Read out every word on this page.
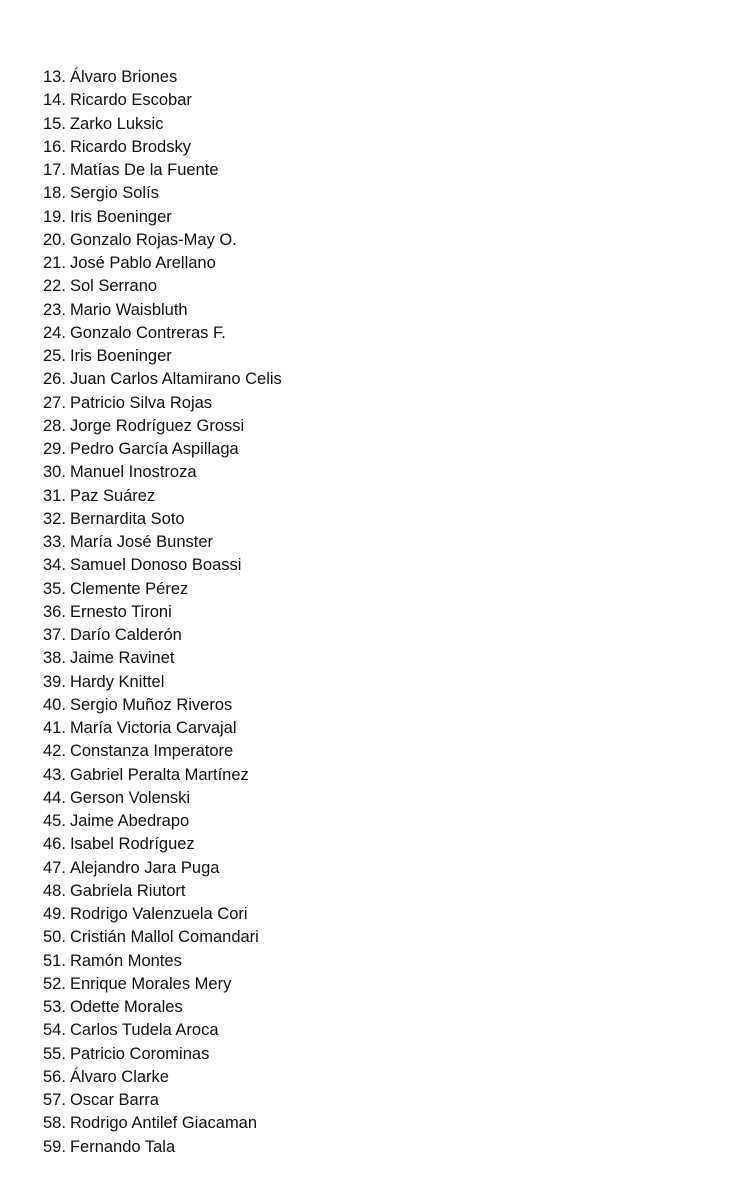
13. Álvaro Briones
14. Ricardo Escobar
15. Zarko Luksic
16. Ricardo Brodsky
17. Matías De la Fuente
18. Sergio Solís
19. Iris Boeninger
20. Gonzalo Rojas-May O.
21. José Pablo Arellano
22. Sol Serrano
23. Mario Waisbluth
24. Gonzalo Contreras F.
25. Iris Boeninger
26. Juan Carlos Altamirano Celis
27. Patricio Silva Rojas
28. Jorge Rodríguez Grossi
29. Pedro García Aspillaga
30. Manuel Inostroza
31. Paz Suárez
32. Bernardita Soto
33. María José Bunster
34. Samuel Donoso Boassi
35. Clemente Pérez
36. Ernesto Tironi
37. Darío Calderón
38. Jaime Ravinet
39. Hardy Knittel
40. Sergio Muñoz Riveros
41. María Victoria Carvajal
42. Constanza Imperatore
43. Gabriel Peralta Martínez
44. Gerson Volenski
45. Jaime Abedrapo
46. Isabel Rodríguez
47. Alejandro Jara Puga
48. Gabriela Riutort
49. Rodrigo Valenzuela Cori
50. Cristián Mallol Comandari
51. Ramón Montes
52. Enrique Morales Mery
53. Odette Morales
54. Carlos Tudela Aroca
55. Patricio Corominas
56. Álvaro Clarke
57. Oscar Barra
58. Rodrigo Antilef Giacaman
59. Fernando Tala
